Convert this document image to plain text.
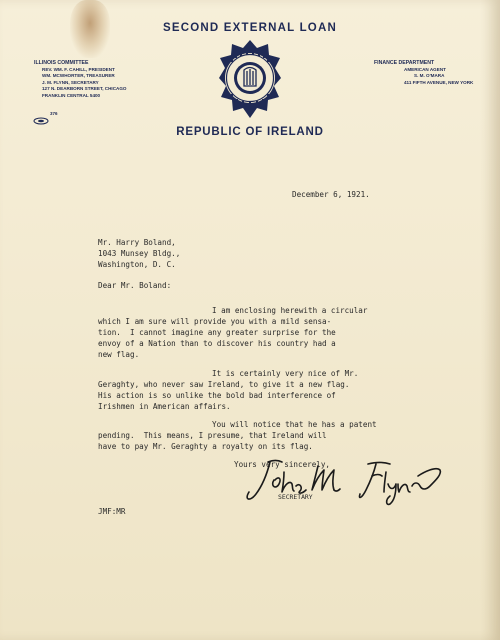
SECOND EXTERNAL LOAN
ILLINOIS COMMITTEE
REV. WM. F. CAHILL, PRESIDENT
WM. MCWHORTER, TREASURER
J. M. FLYNN, SECRETARY
127 N. DEARBORN STREET, CHICAGO
FRANKLIN CENTRAL 5400
376
FINANCE DEPARTMENT
AMERICAN AGENT
S. M. O'MARA
411 FIFTH AVENUE, NEW YORK
REPUBLIC OF IRELAND
December 6, 1921.
Mr. Harry Boland,
1043 Munsey Bldg.,
Washington, D. C.
Dear Mr. Boland:
I am enclosing herewith a circular
which I am sure will provide you with a mild sensa-
tion.  I cannot imagine any greater surprise for the
envoy of a Nation than to discover his country had a
new flag.
It is certainly very nice of Mr.
Geraghty, who never saw Ireland, to give it a new flag.
His action is so unlike the bold bad interference of
Irishmen in American affairs.
You will notice that he has a patent
pending.  This means, I presume, that Ireland will
have to pay Mr. Geraghty a royalty on its flag.
Yours very sincerely,
SECRETARY
JMF:MR
